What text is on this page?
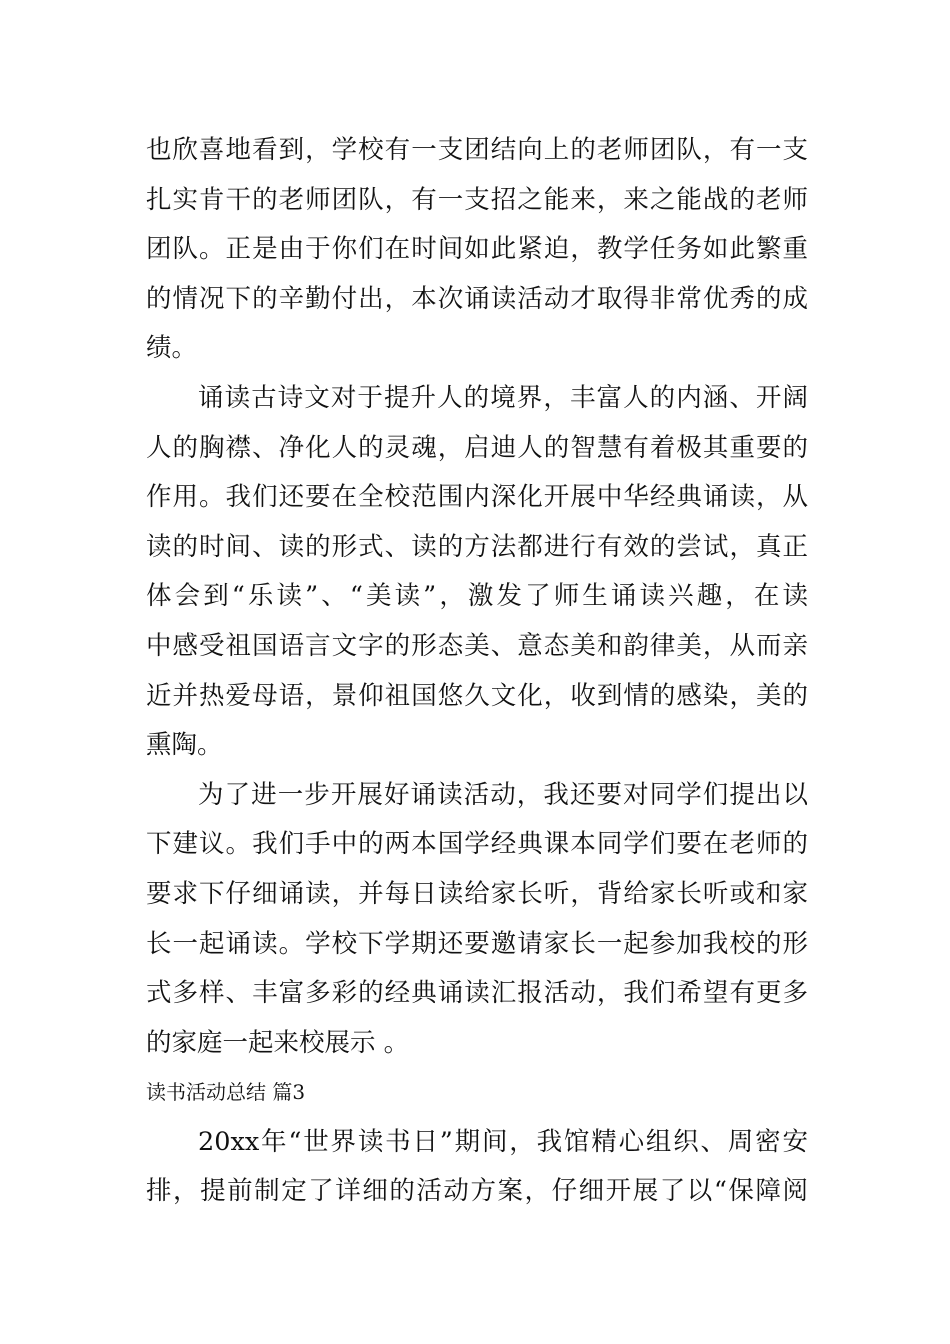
也欣喜地看到，学校有一支团结向上的老师团队，有一支
扎实肯干的老师团队，有一支招之能来，来之能战的老师
团队。正是由于你们在时间如此紧迫，教学任务如此繁重
的情况下的辛勤付出，本次诵读活动才取得非常优秀的成
绩。
诵读古诗文对于提升人的境界，丰富人的内涵、开阔
人的胸襟、净化人的灵魂，启迪人的智慧有着极其重要的
作用。我们还要在全校范围内深化开展中华经典诵读，从
读的时间、读的形式、读的方法都进行有效的尝试，真正
体会到“乐读”、“美读”，激发了师生诵读兴趣，在读
中感受祖国语言文字的形态美、意态美和韵律美，从而亲
近并热爱母语，景仰祖国悠久文化，收到情的感染，美的
熏陶。
为了进一步开展好诵读活动，我还要对同学们提出以
下建议。我们手中的两本国学经典课本同学们要在老师的
要求下仔细诵读，并每日读给家长听，背给家长听或和家
长一起诵读。学校下学期还要邀请家长一起参加我校的形
式多样、丰富多彩的经典诵读汇报活动，我们希望有更多
的家庭一起来校展示 。
读书活动总结 篇3
20xx年“世界读书日”期间，我馆精心组织、周密安
排，提前制定了详细的活动方案，仔细开展了以“保障阅
